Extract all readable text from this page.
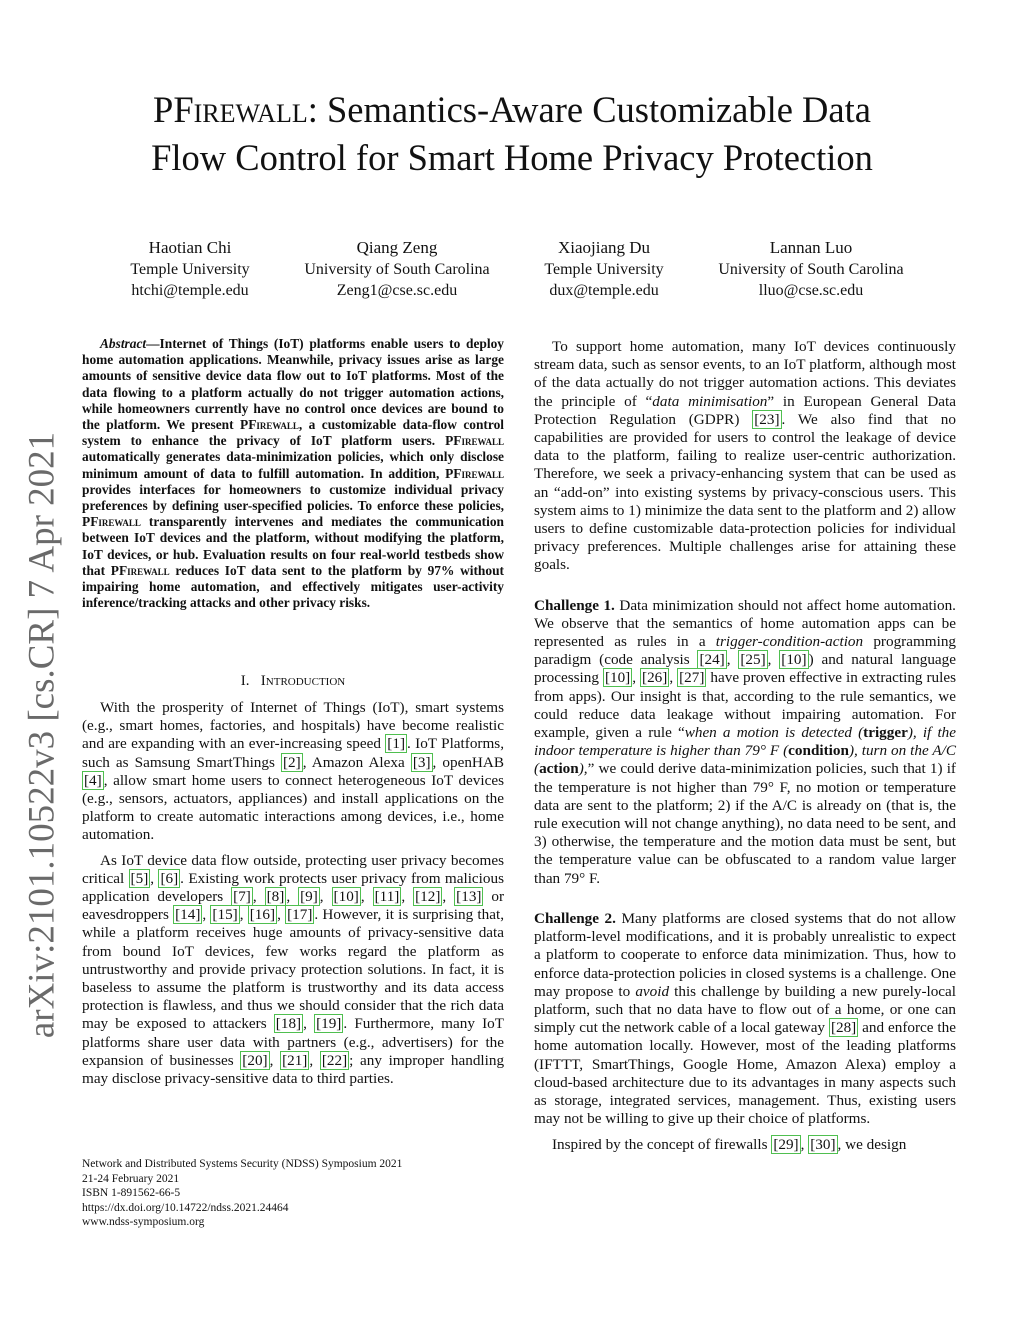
PFirewall: Semantics-Aware Customizable Data
Flow Control for Smart Home Privacy Protection
Haotian Chi
Temple University
htchi@temple.edu
Qiang Zeng
University of South Carolina
Zeng1@cse.sc.edu
Xiaojiang Du
Temple University
dux@temple.edu
Lannan Luo
University of South Carolina
lluo@cse.sc.edu
arXiv:2101.10522v3 [cs.CR] 7 Apr 2021

Abstract—Internet of Things (IoT) platforms enable users to deploy home automation applications. Meanwhile, privacy issues arise as large amounts of sensitive device data flow out to IoT platforms. Most of the data flowing to a platform actually do not trigger automation actions, while homeowners currently have no control once devices are bound to the platform. We present PFirewall, a customizable data-flow control system to enhance the privacy of IoT platform users. PFirewall automatically generates data-minimization policies, which only disclose minimum amount of data to fulfill automation. In addition, PFirewall provides interfaces for homeowners to customize individual privacy preferences by defining user-specified policies. To enforce these policies, PFirewall transparently intervenes and mediates the communication between IoT devices and the platform, without modifying the platform, IoT devices, or hub. Evaluation results on four real-world testbeds show that PFirewall reduces IoT data sent to the platform by 97% without impairing home automation, and effectively mitigates user-activity inference/tracking attacks and other privacy risks.

I. Introduction

With the prosperity of Internet of Things (IoT), smart systems (e.g., smart homes, factories, and hospitals) have become realistic and are expanding with an ever-increasing speed [1] . IoT Platforms, such as Samsung SmartThings [2] , Amazon Alexa [3] , openHAB [4] , allow smart home users to connect heterogeneous IoT devices (e.g., sensors, actuators, appliances) and install applications on the platform to create automatic interactions among devices, i.e., home automation.

As IoT device data flow outside, protecting user privacy becomes critical [5] , [6] . Existing work protects user privacy from malicious application developers [7] , [8] , [9] , [10] , [11] , [12] , [13] or eavesdroppers [14] , [15] , [16] , [17] . However, it is surprising that, while a platform receives huge amounts of privacy-sensitive data from bound IoT devices, few works regard the platform as untrustworthy and provide privacy protection solutions. In fact, it is baseless to assume the platform is trustworthy and its data access protection is flawless, and thus we should consider that the rich data may be exposed to attackers [18] , [19] . Furthermore, many IoT platforms share user data with partners (e.g., advertisers) for the expansion of businesses [20] , [21] , [22] ; any improper handling may disclose privacy-sensitive data to third parties.

Network and Distributed Systems Security (NDSS) Symposium 2021
21-24 February 2021
ISBN 1-891562-66-5
https://dx.doi.org/10.14722/ndss.2021.24464
www.ndss-symposium.org

To support home automation, many IoT devices continuously stream data, such as sensor events, to an IoT platform, although most of the data actually do not trigger automation actions. This deviates the principle of “data minimisation” in European General Data Protection Regulation (GDPR) [23] . We also find that no capabilities are provided for users to control the leakage of device data to the platform, failing to realize user-centric authorization. Therefore, we seek a privacy-enhancing system that can be used as an “add-on” into existing systems by privacy-conscious users. This system aims to 1) minimize the data sent to the platform and 2) allow users to define customizable data-protection policies for individual privacy preferences. Multiple challenges arise for attaining these goals.

Challenge 1. Data minimization should not affect home automation. We observe that the semantics of home automation apps can be represented as rules in a trigger-condition-action programming paradigm (code analysis [24] , [25] , [10] ) and natural language processing [10] , [26] , [27] have proven effective in extracting rules from apps). Our insight is that, according to the rule semantics, we could reduce data leakage without impairing automation. For example, given a rule “when a motion is detected (trigger), if the indoor temperature is higher than 79° F (condition), turn on the A/C (action),” we could derive data-minimization policies, such that 1) if the temperature is not higher than 79° F, no motion or temperature data are sent to the platform; 2) if the A/C is already on (that is, the rule execution will not change anything), no data need to be sent, and 3) otherwise, the temperature and the motion data must be sent, but the temperature value can be obfuscated to a random value larger than 79° F.

Challenge 2. Many platforms are closed systems that do not allow platform-level modifications, and it is probably unrealistic to expect a platform to cooperate to enforce data minimization. Thus, how to enforce data-protection policies in closed systems is a challenge. One may propose to avoid this challenge by building a new purely-local platform, such that no data have to flow out of a home, or one can simply cut the network cable of a local gateway [28] and enforce the home automation locally. However, most of the leading platforms (IFTTT, SmartThings, Google Home, Amazon Alexa) employ a cloud-based architecture due to its advantages in many aspects such as storage, integrated services, management. Thus, existing users may not be willing to give up their choice of platforms.

Inspired by the concept of firewalls [29] , [30] , we design
